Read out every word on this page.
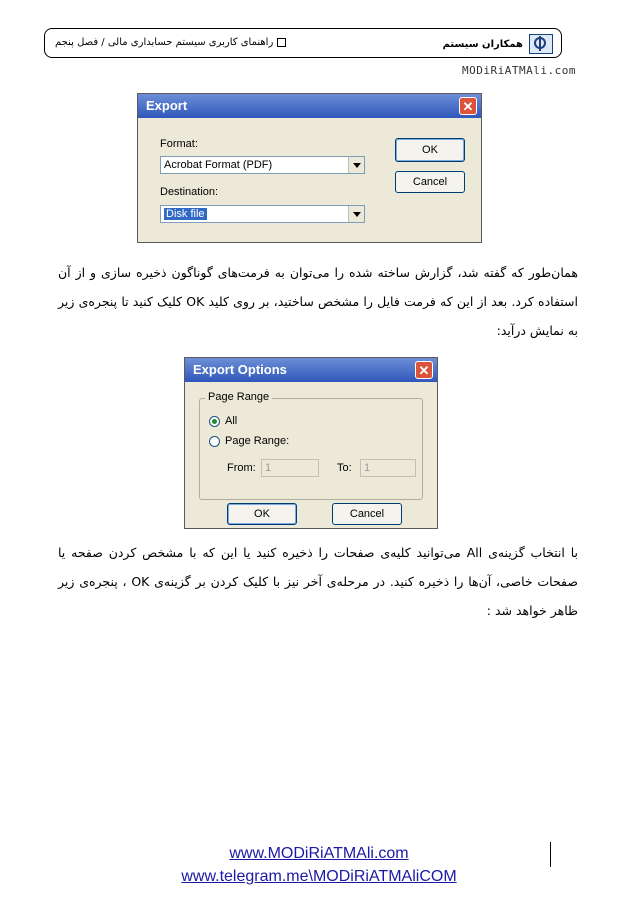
راهنمای کاربری سیستم حسابداری مالی / فصل پنجم	همکاران سیستم
MODiRiATMAli.com
Export	✕
Format:
Acrobat Format (PDF)
Destination:
Disk file
OK
Cancel
همان‌طور که گفته شد، گزارش ساخته شده را می‌توان به فرمت‌های گوناگون ذخیره سازی و از آن استفاده کرد. بعد از این که فرمت فایل را مشخص ساختید، بر روی کلید OK کلیک کنید تا پنجره‌ی زیر به نمایش درآید:
Export Options	✕
Page Range
All
Page Range:
From: 1	To:	1
OK	Cancel
با انتخاب گزینه‌ی All می‌توانید کلیه‌ی صفحات را ذخیره کنید یا این که با مشخص کردن صفحه یا صفحات خاصی، آن‌ها را ذخیره کنید. در مرحله‌ی آخر نیز با کلیک کردن بر گزینه‌ی OK ، پنجره‌ی زیر ظاهر خواهد شد :
www.MODiRiATMAli.com
www.telegram.me\MODiRiATMAliCOM
